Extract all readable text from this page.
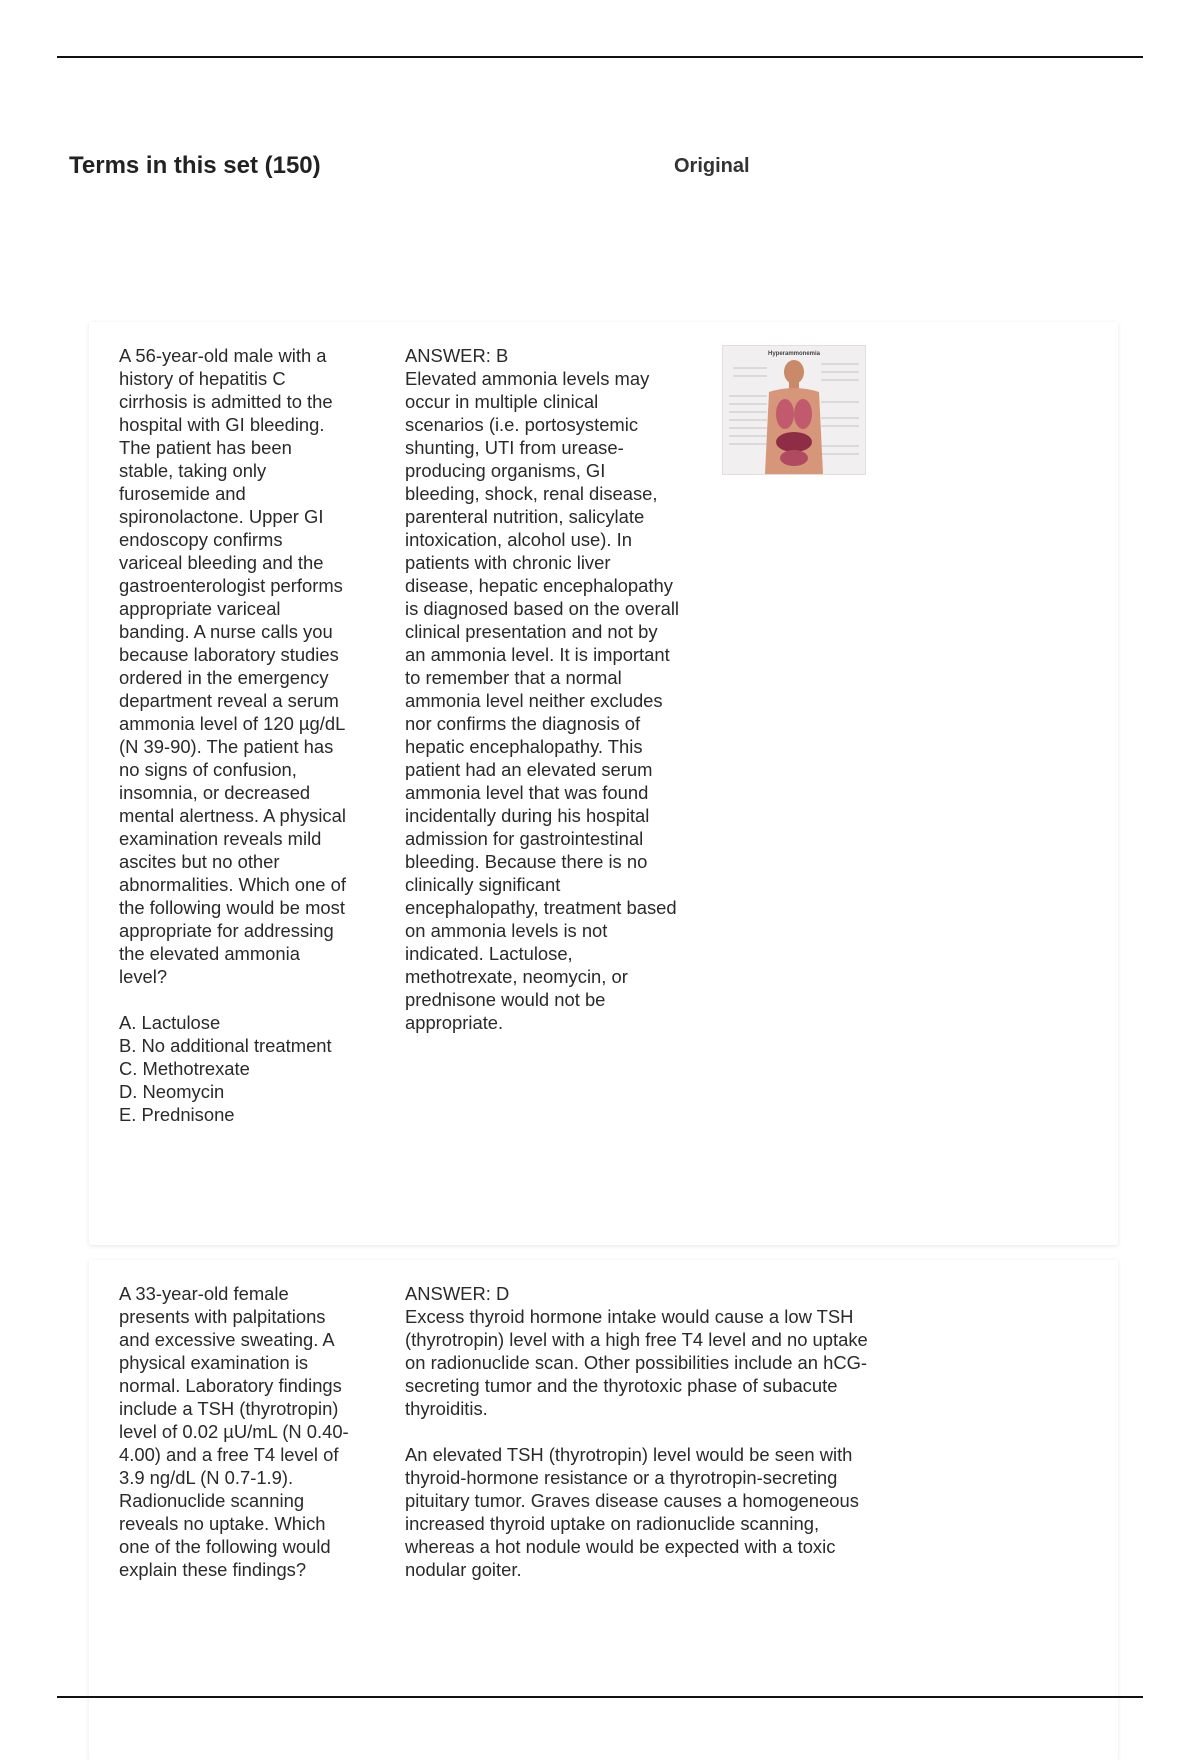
Terms in this set (150)	Original
A 56-year-old male with a history of hepatitis C cirrhosis is admitted to the hospital with GI bleeding. The patient has been stable, taking only furosemide and spironolactone. Upper GI endoscopy confirms variceal bleeding and the gastroenterologist performs appropriate variceal banding. A nurse calls you because laboratory studies ordered in the emergency department reveal a serum ammonia level of 120 µg/dL (N 39-90). The patient has no signs of confusion, insomnia, or decreased mental alertness. A physical examination reveals mild ascites but no other abnormalities. Which one of the following would be most appropriate for addressing the elevated ammonia level?

A. Lactulose
B. No additional treatment
C. Methotrexate
D. Neomycin
E. Prednisone
ANSWER: B
Elevated ammonia levels may occur in multiple clinical scenarios (i.e. portosystemic shunting, UTI from urease-producing organisms, GI bleeding, shock, renal disease, parenteral nutrition, salicylate intoxication, alcohol use). In patients with chronic liver disease, hepatic encephalopathy is diagnosed based on the overall clinical presentation and not by an ammonia level. It is important to remember that a normal ammonia level neither excludes nor confirms the diagnosis of hepatic encephalopathy. This patient had an elevated serum ammonia level that was found incidentally during his hospital admission for gastrointestinal bleeding. Because there is no clinically significant encephalopathy, treatment based on ammonia levels is not indicated. Lactulose, methotrexate, neomycin, or prednisone would not be appropriate.
Hyperammonemia
A 33-year-old female presents with palpitations and excessive sweating. A physical examination is normal. Laboratory findings include a TSH (thyrotropin) level of 0.02 µU/mL (N 0.40-4.00) and a free T4 level of 3.9 ng/dL (N 0.7-1.9). Radionuclide scanning reveals no uptake. Which one of the following would explain these findings?
ANSWER: D
Excess thyroid hormone intake would cause a low TSH (thyrotropin) level with a high free T4 level and no uptake on radionuclide scan. Other possibilities include an hCG-secreting tumor and the thyrotoxic phase of subacute thyroiditis.

An elevated TSH (thyrotropin) level would be seen with thyroid-hormone resistance or a thyrotropin-secreting pituitary tumor. Graves disease causes a homogeneous increased thyroid uptake on radionuclide scanning, whereas a hot nodule would be expected with a toxic nodular goiter.
